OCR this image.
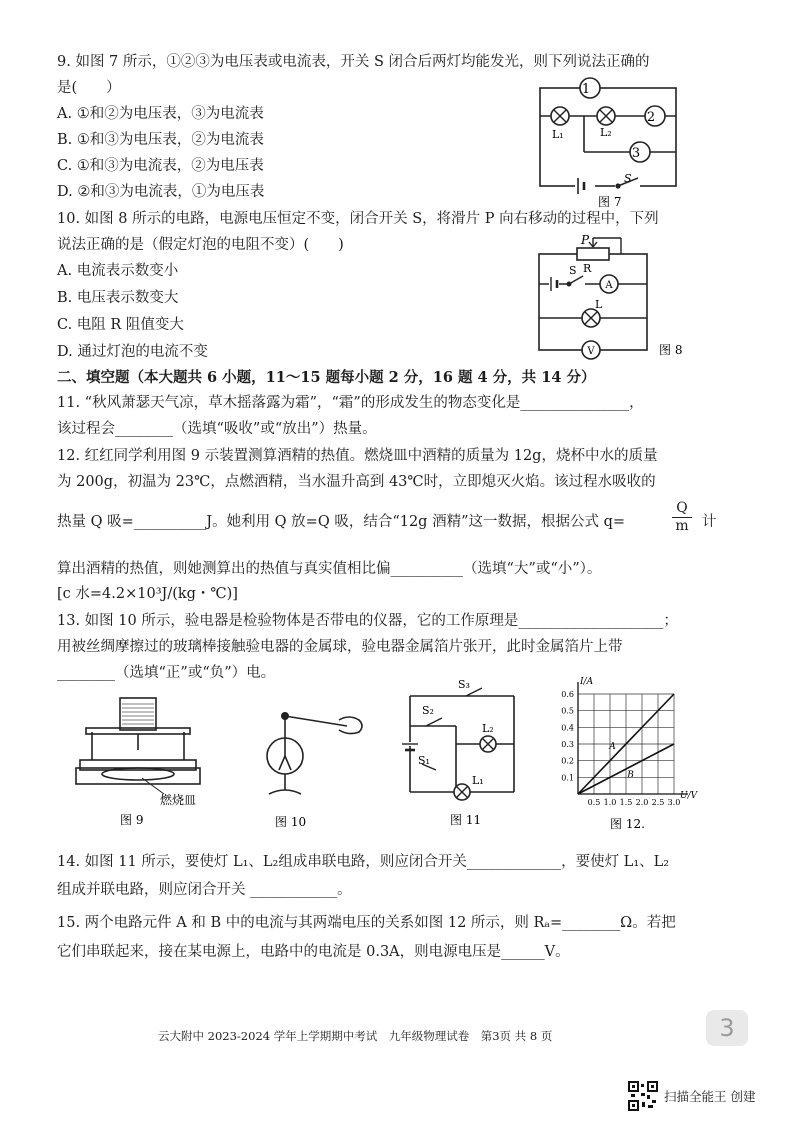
9. 如图 7 所示，①②③为电压表或电流表，开关 S 闭合后两灯均能发光，则下列说法正确的
是(　　）
A. ①和②为电压表，③为电流表
B. ①和③为电压表，②为电流表
C. ①和③为电流表，②为电压表
D. ②和③为电流表，①为电压表
1
2
3
L₁	L₂
S
图 7
10. 如图 8 所示的电路，电源电压恒定不变，闭合开关 S，将滑片 P 向右移动的过程中，下列
说法正确的是（假定灯泡的电阻不变）(　　)
A. 电流表示数变小
B. 电压表示数变大
C. 电阻 R 阻值变大
D. 通过灯泡的电流不变
P
R
S
A
L
V	图 8
二、填空题（本大题共 6 小题，11～15 题每小题 2 分，16 题 4 分，共 14 分）
11. “秋风萧瑟天气凉，草木摇落露为霜”，“霜”的形成发生的物态变化是_______________，
该过程会________（选填“吸收”或“放出”）热量。
12. 红红同学利用图 9 示装置测算酒精的热值。燃烧皿中酒精的质量为 12g，烧杯中水的质量
为 200g，初温为 23℃，点燃酒精，当水温升高到 43℃时，立即熄灭火焰。该过程水吸收的
热量 Q 吸=__________J。她利用 Q 放=Q 吸，结合“12g 酒精”这一数据，根据公式 q=	$\frac{Q}{m}$ 计
算出酒精的热值，则她测算出的热值与真实值相比偏__________（选填“大”或“小”）。
[c 水=4.2×10³J/(kg・℃)]
13. 如图 10 所示，验电器是检验物体是否带电的仪器，它的工作原理是____________________；
用被丝绸摩擦过的玻璃棒接触验电器的金属球，验电器金属箔片张开，此时金属箔片上带
________（选填“正”或“负”）电。
燃烧皿
图 9	图 10
S₃
S₂
S₁
L₂
L₁
图 11
I/A
U/V
图 12.
0.5 1.0 1.5 2.0 2.5 3.0
0.1
0.2
0.3
0.4
0.5
0.6
A
B
14. 如图 11 所示，要使灯 L₁、L₂组成串联电路，则应闭合开关_____________，要使灯 L₁、L₂
组成并联电路，则应闭合开关 ____________。
15. 两个电路元件 A 和 B 中的电流与其两端电压的关系如图 12 所示，则 Rₐ=________Ω。若把
它们串联起来，接在某电源上，电路中的电流是 0.3A，则电源电压是______V。
云大附中 2023-2024 学年上学期期中考试　九年级物理试卷　第3页 共 8 页	3
扫描全能王 创建
